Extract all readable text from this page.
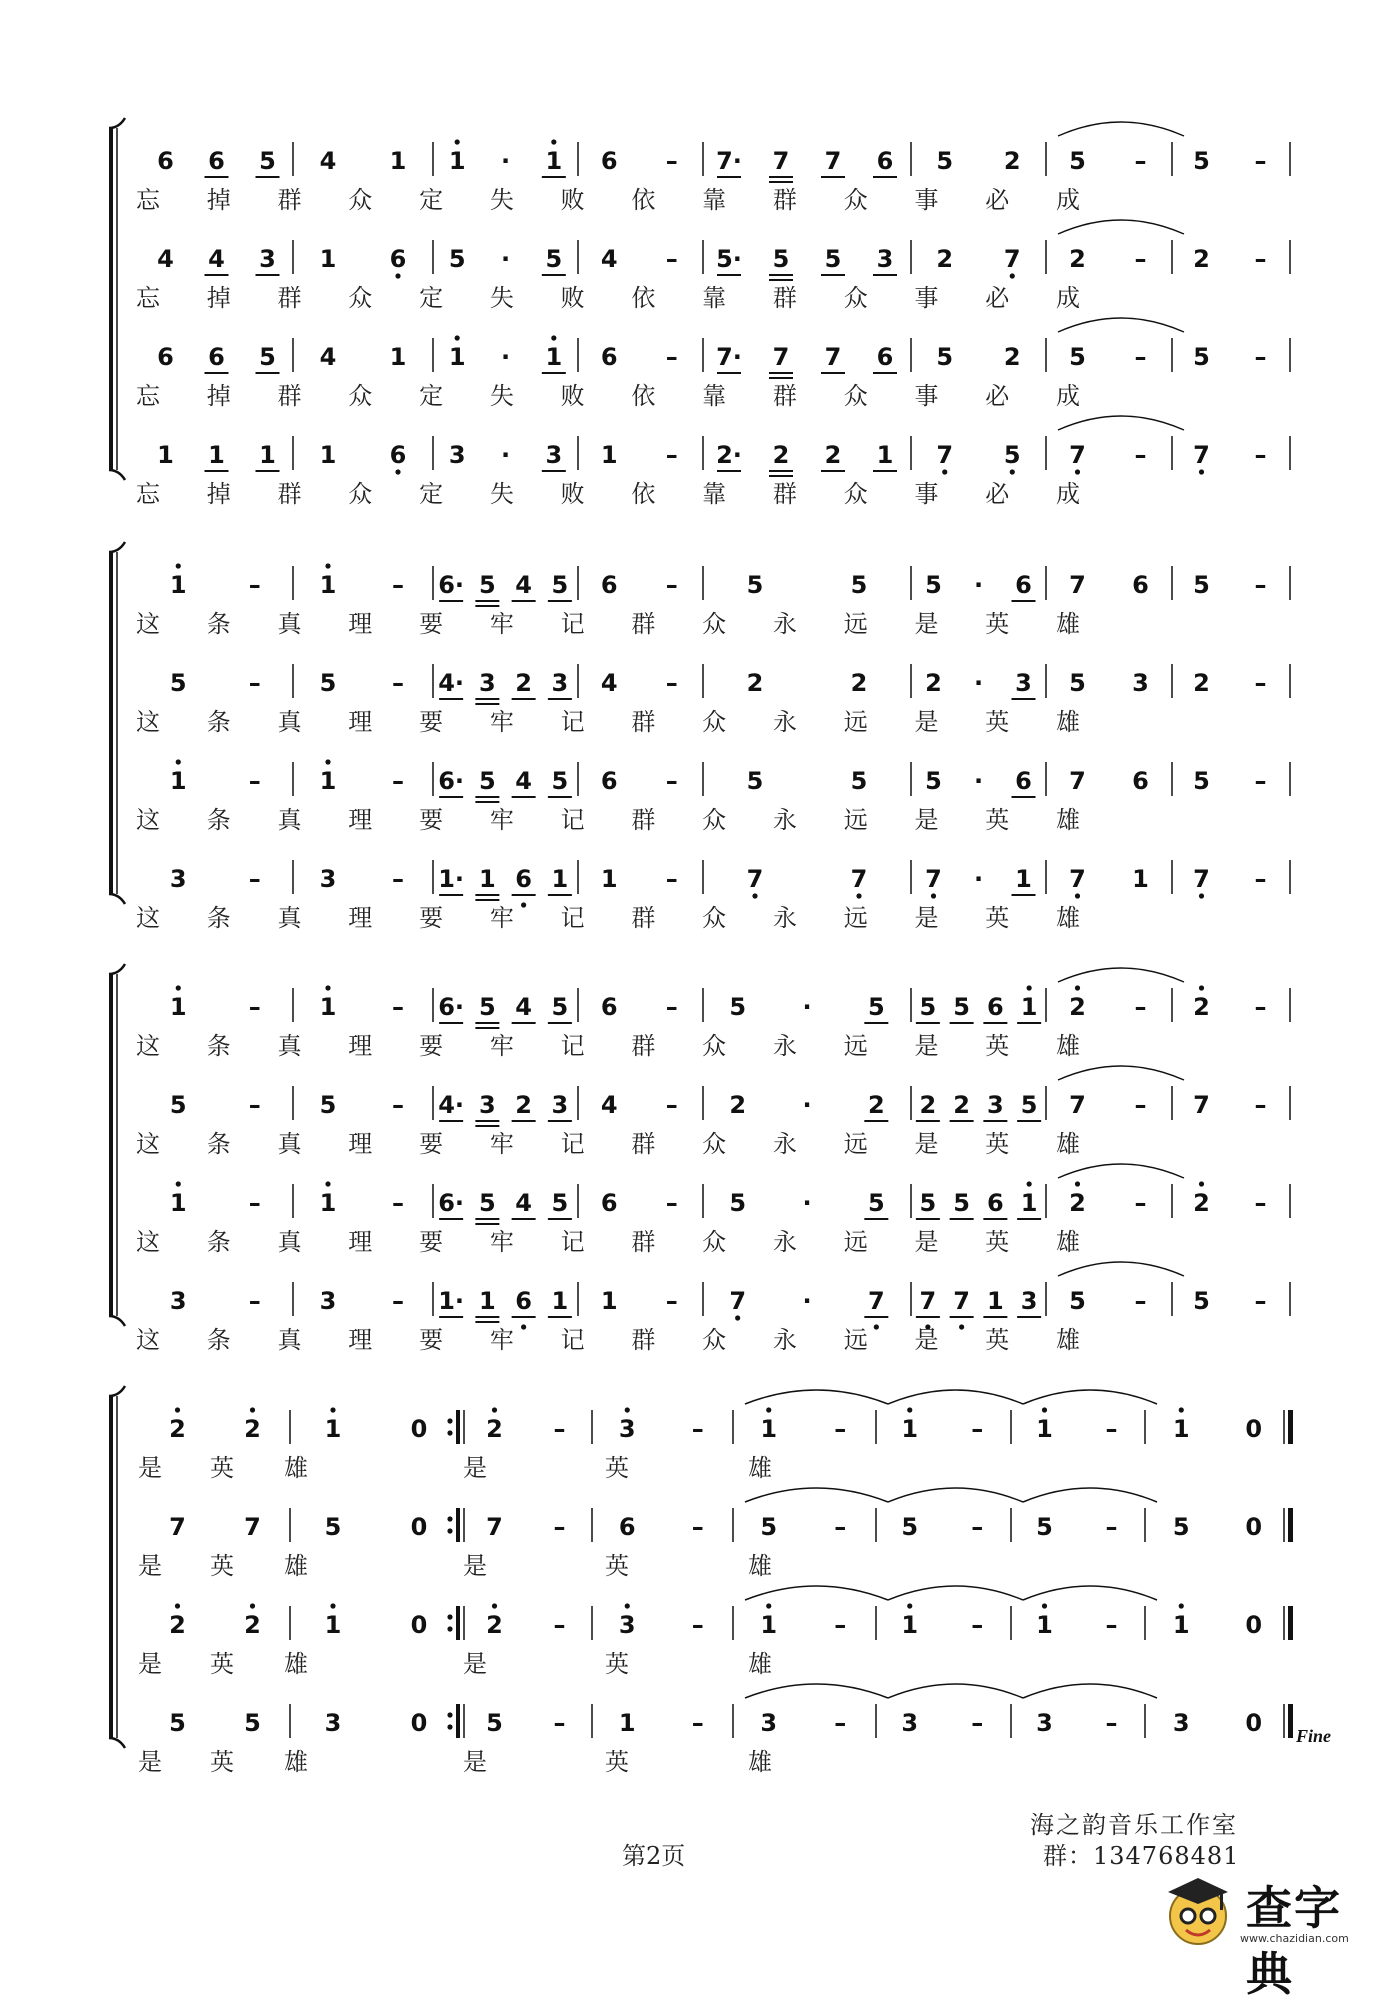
6 6 5 4 1 1 · 1 6 – 7· 7 7 6 5 2 5 – 5 –
忘 掉 群 众 定 失 败 依 靠 群 众 事 必 成
4 4 3 1 6 5 · 5 4 – 5· 5 5 3 2 7 2 – 2 –
忘 掉 群 众 定 失 败 依 靠 群 众 事 必 成
6 6 5 4 1 1 · 1 6 – 7· 7 7 6 5 2 5 – 5 –
忘 掉 群 众 定 失 败 依 靠 群 众 事 必 成
1 1 1 1 6 3 · 3 1 – 2· 2 2 1 7 5 7 – 7 –
忘 掉 群 众 定 失 败 依 靠 群 众 事 必 成
1	– 1 – 6· 5 4 5 6 –	5	5 5 · 6 7 6 5 –
这 条 真 理 要 牢 记 群 众 永 远 是 英 雄
5	– 5 – 4· 3 2 3 4 –	2	2 2 · 3 5 3 2 –
这 条 真 理 要 牢 记 群 众 永 远 是 英 雄
1	– 1 – 6· 5 4 5 6 –	5	5 5 · 6 7 6 5 –
这 条 真 理 要 牢 记 群 众 永 远 是 英 雄
3	– 3 – 1· 1 6 1 1 –	7	7 7 · 1 7 1 7 –
这 条 真 理 要 牢 记 群 众 永 远 是 英 雄
1	– 1 – 6· 5 4 5 6 – 5 · 5 5 5 6 1 2 – 2 –
这 条 真 理 要 牢 记 群 众 永 远 是 英 雄
5	– 5 – 4· 3 2 3 4 – 2 · 2 2 2 3 5 7 – 7 –
这 条 真 理 要 牢 记 群 众 永 远 是 英 雄
1	– 1 – 6· 5 4 5 6 – 5 · 5 5 5 6 1 2 – 2 –
这 条 真 理 要 牢 记 群 众 永 远 是 英 雄
3	– 3 – 1· 1 6 1 1 – 7 · 7 7 7 1 3 5 – 5 –
这 条 真 理 要 牢 记 群 众 永 远 是 英 雄
2 2	1	0 2 – 3 – 1 – 1 – 1 – 1 0
是 英 雄	是	英	雄
7 7	5	0 7 – 6 – 5 – 5 – 5 – 5 0
是 英 雄	是	英	雄
2 2	1	0 2 – 3 – 1 – 1 – 1 – 1 0
是 英 雄	是	英	雄
5 5	3	0 5 – 1 – 3 – 3 – 3 – 3 0
是 英 雄	是	英	雄
Fine
第2页
海之韵音乐工作室
群：134768481
查字典
www.chazidian.com
